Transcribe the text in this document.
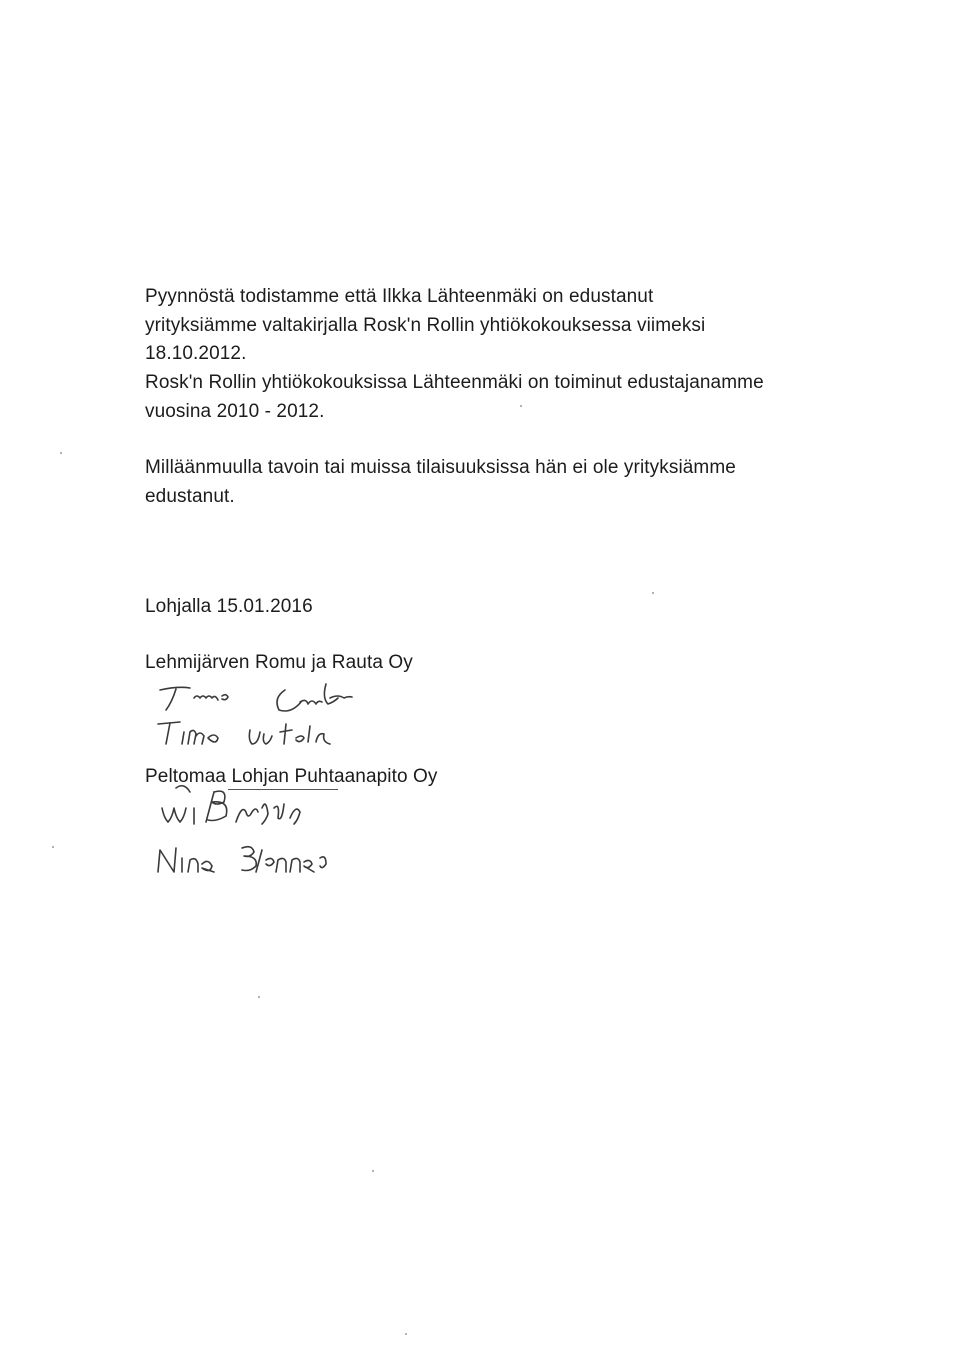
Pyynnöstä todistamme että Ilkka Lähteenmäki on edustanut
yrityksiämme valtakirjalla Rosk'n Rollin yhtiökokouksessa viimeksi
18.10.2012.
Rosk'n Rollin yhtiökokouksissa Lähteenmäki on toiminut edustajanamme
vuosina 2010 - 2012.
Milläänmuulla tavoin tai muissa tilaisuuksissa hän ei ole yrityksiämme
edustanut.
Lohjalla 15.01.2016
Lehmijärven Romu ja Rauta Oy
Peltomaa Lohjan Puhtaanapito Oy
